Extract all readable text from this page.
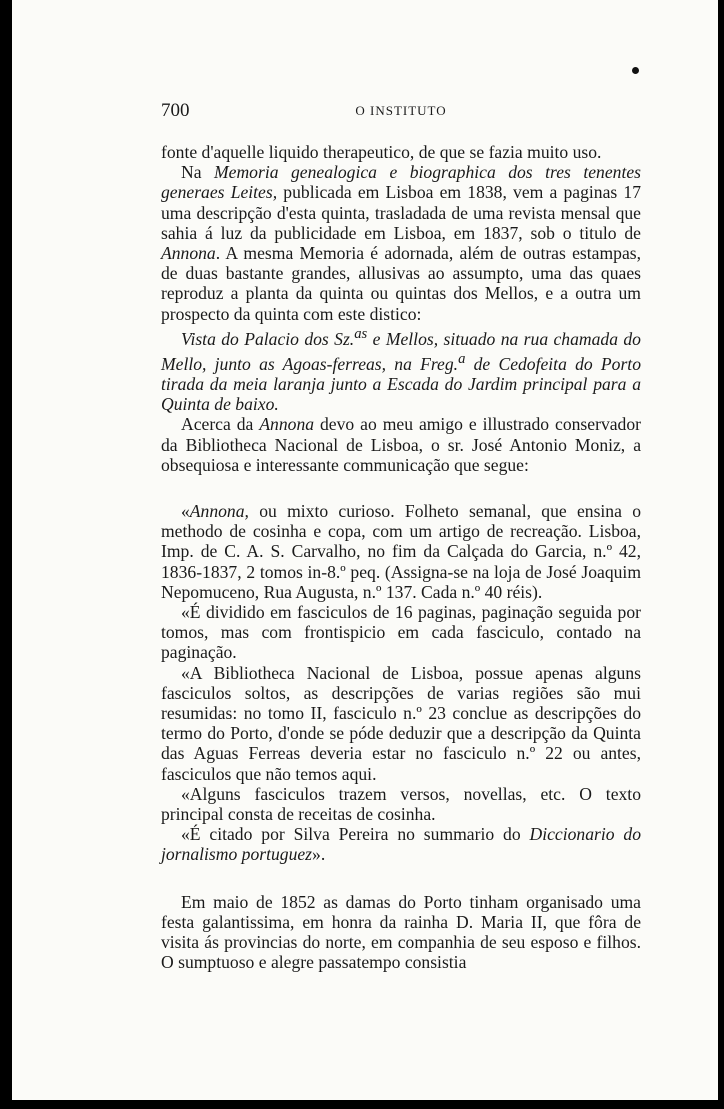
700	O INSTITUTO

fonte d'aquelle liquido therapeutico, de que se fazia muito uso.

Na Memoria genealogica e biographica dos tres tenentes generaes Leites, publicada em Lisboa em 1838, vem a paginas 17 uma descripção d'esta quinta, trasladada de uma revista mensal que sahia á luz da publicidade em Lisboa, em 1837, sob o titulo de Annona. A mesma Memoria é adornada, além de outras estampas, de duas bastante grandes, allusivas ao assumpto, uma das quaes reproduz a planta da quinta ou quintas dos Mellos, e a outra um prospecto da quinta com este distico:

Vista do Palacio dos Sz.$^{as}$ e Mellos, situado na rua chamada do Mello, junto as Agoas-ferreas, na Freg.$^a$ de Cedofeita do Porto tirada da meia laranja junto a Escada do Jardim principal para a Quinta de baixo.

Acerca da Annona devo ao meu amigo e illustrado conservador da Bibliotheca Nacional de Lisboa, o sr. José Antonio Moniz, a obsequiosa e interessante communicação que segue:

«Annona, ou mixto curioso. Folheto semanal, que ensina o methodo de cosinha e copa, com um artigo de recreação. Lisboa, Imp. de C. A. S. Carvalho, no fim da Calçada do Garcia, n.º 42, 1836-1837, 2 tomos in-8.º peq. (Assigna-se na loja de José Joaquim Nepomuceno, Rua Augusta, n.º 137. Cada n.º 40 réis).

«É dividido em fasciculos de 16 paginas, paginação seguida por tomos, mas com frontispicio em cada fasciculo, contado na paginação.

«A Bibliotheca Nacional de Lisboa, possue apenas alguns fasciculos soltos, as descripções de varias regiões são mui resumidas: no tomo II, fasciculo n.º 23 conclue as descripções do termo do Porto, d'onde se póde deduzir que a descripção da Quinta das Aguas Ferreas deveria estar no fasciculo n.º 22 ou antes, fasciculos que não temos aqui.

«Alguns fasciculos trazem versos, novellas, etc. O texto principal consta de receitas de cosinha.

«É citado por Silva Pereira no summario do Diccionario do jornalismo portuguez».

Em maio de 1852 as damas do Porto tinham organisado uma festa galantissima, em honra da rainha D. Maria II, que fôra de visita ás provincias do norte, em companhia de seu esposo e filhos. O sumptuoso e alegre passatempo consistia
